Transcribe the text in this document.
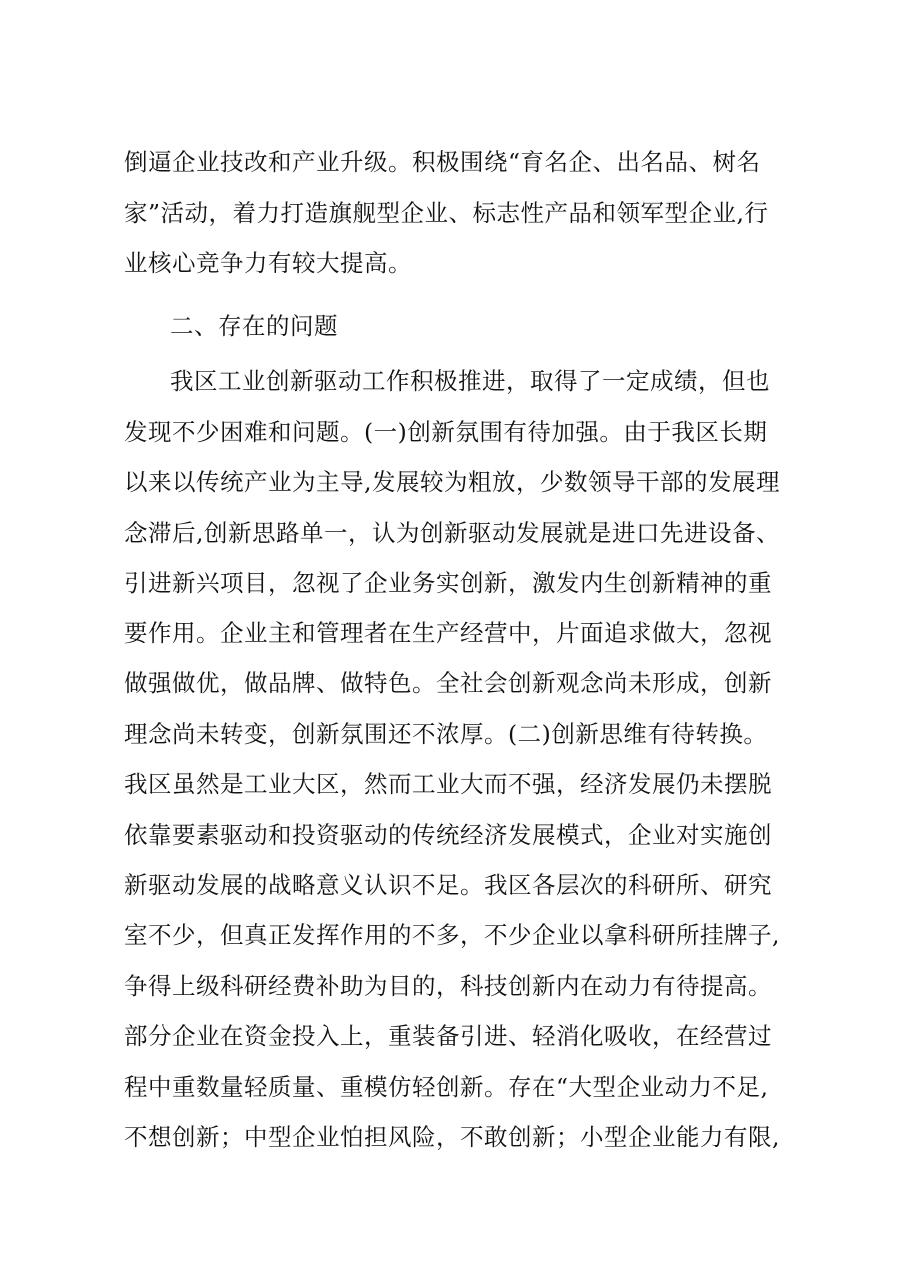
倒逼企业技改和产业升级。积极围绕“育名企、出名品、树名
家”活动，着力打造旗舰型企业、标志性产品和领军型企业,行
业核心竞争力有较大提高。
二、存在的问题
我区工业创新驱动工作积极推进，取得了一定成绩，但也
发现不少困难和问题。(一)创新氛围有待加强。由于我区长期
以来以传统产业为主导,发展较为粗放，少数领导干部的发展理
念滞后,创新思路单一，认为创新驱动发展就是进口先进设备、
引进新兴项目，忽视了企业务实创新，激发内生创新精神的重
要作用。企业主和管理者在生产经营中，片面追求做大，忽视
做强做优，做品牌、做特色。全社会创新观念尚未形成，创新
理念尚未转变，创新氛围还不浓厚。(二)创新思维有待转换。
我区虽然是工业大区，然而工业大而不强，经济发展仍未摆脱
依靠要素驱动和投资驱动的传统经济发展模式，企业对实施创
新驱动发展的战略意义认识不足。我区各层次的科研所、研究
室不少，但真正发挥作用的不多，不少企业以拿科研所挂牌子,
争得上级科研经费补助为目的，科技创新内在动力有待提高。
部分企业在资金投入上，重装备引进、轻消化吸收，在经营过
程中重数量轻质量、重模仿轻创新。存在“大型企业动力不足,
不想创新；中型企业怕担风险，不敢创新；小型企业能力有限,
